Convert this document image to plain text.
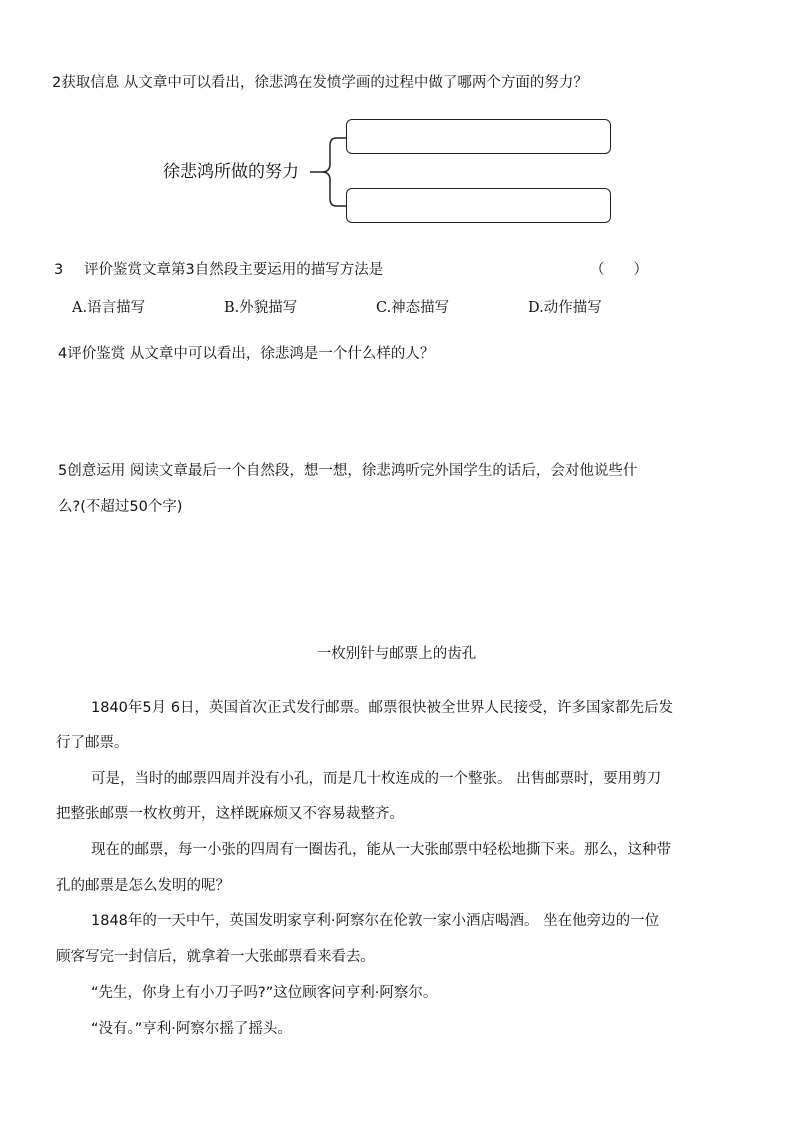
2获取信息 从文章中可以看出，徐悲鸿在发愤学画的过程中做了哪两个方面的努力？
徐悲鸿所做的努力
3 评价鉴赏文章第3自然段主要运用的描写方法是	（　　）
A.语言描写	B.外貌描写	C.神态描写	D.动作描写
4评价鉴赏 从文章中可以看出，徐悲鸿是一个什么样的人？
5创意运用 阅读文章最后一个自然段，想一想，徐悲鸿听完外国学生的话后，会对他说些什
么?(不超过50个字)
一枚别针与邮票上的齿孔
1840年5月 6日，英国首次正式发行邮票。邮票很快被全世界人民接受，许多国家都先后发
行了邮票。
可是，当时的邮票四周并没有小孔，而是几十枚连成的一个整张。 出售邮票时，要用剪刀
把整张邮票一枚枚剪开，这样既麻烦又不容易裁整齐。
现在的邮票，每一小张的四周有一圈齿孔，能从一大张邮票中轻松地撕下来。那么，这种带
孔的邮票是怎么发明的呢？
1848年的一天中午，英国发明家亨利·阿察尔在伦敦一家小酒店喝酒。 坐在他旁边的一位
顾客写完一封信后，就拿着一大张邮票看来看去。
“先生，你身上有小刀子吗?”这位顾客问亨利·阿察尔。
“没有。”亨利·阿察尔摇了摇头。
